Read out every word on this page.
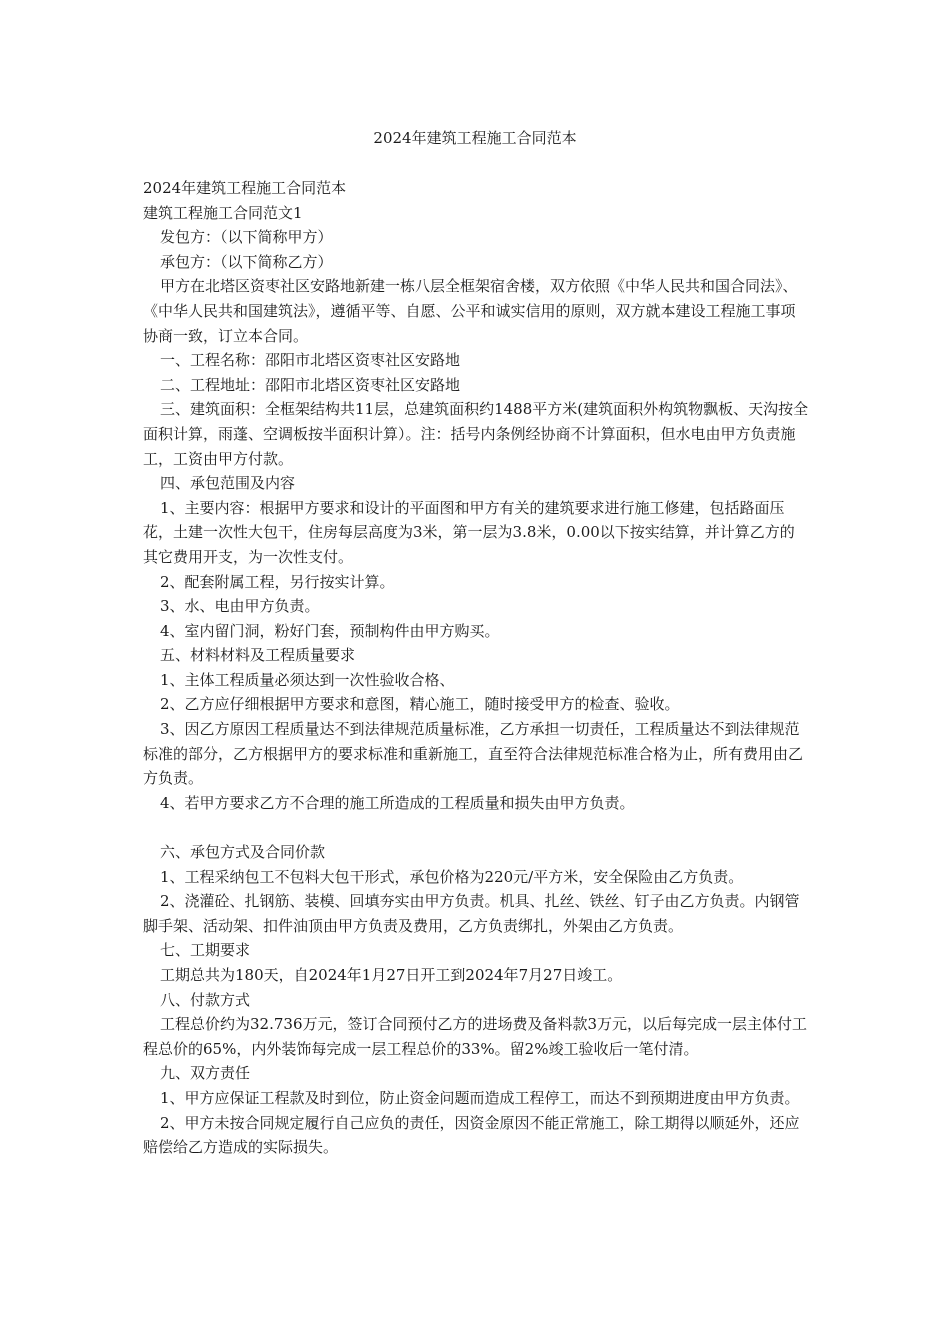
2024年建筑工程施工合同范本

2024年建筑工程施工合同范本

建筑工程施工合同范文1

发包方：（以下简称甲方）

承包方：（以下简称乙方）

甲方在北塔区资枣社区安路地新建一栋八层全框架宿舍楼，双方依照《中华人民共和国合同法》、《中华人民共和国建筑法》，遵循平等、自愿、公平和诚实信用的原则，双方就本建设工程施工事项协商一致，订立本合同。

一、工程名称：邵阳市北塔区资枣社区安路地

二、工程地址：邵阳市北塔区资枣社区安路地

三、建筑面积：全框架结构共11层，总建筑面积约1488平方米(建筑面积外构筑物飘板、天沟按全面积计算，雨蓬、空调板按半面积计算）。注：括号内条例经协商不计算面积，但水电由甲方负责施工，工资由甲方付款。

四、承包范围及内容

1、主要内容：根据甲方要求和设计的平面图和甲方有关的建筑要求进行施工修建，包括路面压花，土建一次性大包干，住房每层高度为3米，第一层为3.8米，0.00以下按实结算，并计算乙方的其它费用开支，为一次性支付。

2、配套附属工程，另行按实计算。

3、水、电由甲方负责。

4、室内留门洞，粉好门套，预制构件由甲方购买。

五、材料材料及工程质量要求

1、主体工程质量必须达到一次性验收合格、

2、乙方应仔细根据甲方要求和意图，精心施工，随时接受甲方的检查、验收。

3、因乙方原因工程质量达不到法律规范质量标准，乙方承担一切责任，工程质量达不到法律规范标准的部分，乙方根据甲方的要求标准和重新施工，直至符合法律规范标准合格为止，所有费用由乙方负责。

4、若甲方要求乙方不合理的施工所造成的工程质量和损失由甲方负责。

六、承包方式及合同价款

1、工程采纳包工不包料大包干形式，承包价格为220元/平方米，安全保险由乙方负责。

2、浇灌砼、扎钢筋、装模、回填夯实由甲方负责。机具、扎丝、铁丝、钉子由乙方负责。内钢管脚手架、活动架、扣件油顶由甲方负责及费用，乙方负责绑扎，外架由乙方负责。

七、工期要求

工期总共为180天，自2024年1月27日开工到2024年7月27日竣工。

八、付款方式

工程总价约为32.736万元，签订合同预付乙方的进场费及备料款3万元，以后每完成一层主体付工程总价的65%，内外装饰每完成一层工程总价的33%。留2%竣工验收后一笔付清。

九、双方责任

1、甲方应保证工程款及时到位，防止资金问题而造成工程停工，而达不到预期进度由甲方负责。

2、甲方未按合同规定履行自己应负的责任，因资金原因不能正常施工，除工期得以顺延外，还应赔偿给乙方造成的实际损失。
